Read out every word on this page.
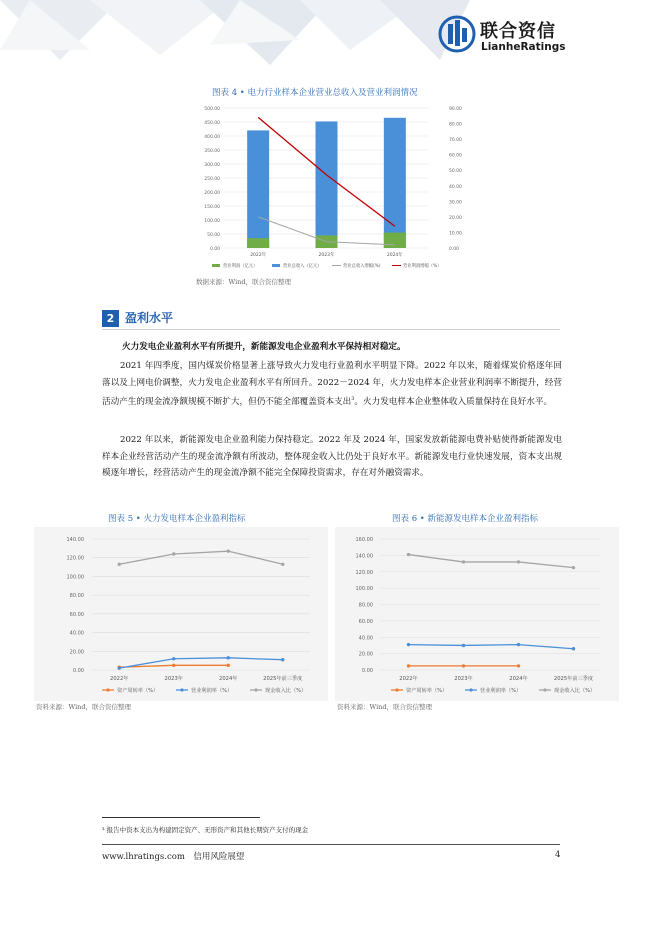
联合资信
LianheRatings
图表 4 • 电力行业样本企业营业总收入及营业利润情况
0.00
50.00
100.00
150.00
200.00
250.00
300.00
350.00
400.00
450.00
500.00
0.00
10.00
20.00
30.00
40.00
50.00
60.00
70.00
80.00
90.00
2022年	2023年	2024年
营业利润（亿元）	营业总收入（亿元）	营业总收入增幅(%)	营业利润增幅（%）
数据来源：Wind，联合资信整理
2 盈利水平
火力发电企业盈利水平有所提升，新能源发电企业盈利水平保持相对稳定。
2021 年四季度，国内煤炭价格显著上涨导致火力发电行业盈利水平明显下降。2022 年以来，随着煤炭价格逐年回落以及上网电价调整，火力发电企业盈利水平有所回升。2022－2024 年，火力发电样本企业营业利润率不断提升，经营活动产生的现金流净额规模不断扩大，但仍不能全部覆盖资本支出$^3$。火力发电样本企业整体收入质量保持在良好水平。
2022 年以来，新能源发电企业盈利能力保持稳定。2022 年及 2024 年，国家发放新能源电费补贴使得新能源发电样本企业经营活动产生的现金流净额有所波动，整体现金收入比仍处于良好水平。新能源发电行业快速发展，资本支出规模逐年增长，经营活动产生的现金流净额不能完全保障投资需求，存在对外融资需求。
图表 5 • 火力发电样本企业盈利指标	图表 6 • 新能源发电样本企业盈利指标
0.00
20.00
40.00
60.00
80.00
100.00
120.00
140.00
2022年	2023年	2024年	2025年前三季度
资产周转率（%）	营业利润率（%）	现金收入比（%）
0.00
20.00
40.00
60.00
80.00
100.00
120.00
140.00
160.00
2022年	2023年	2024年	2025年前三季度
资产周转率（%）	营业利润率（%）	现金收入比（%）
资料来源：Wind，联合资信整理	资料来源：Wind，联合资信整理
³ 报告中资本支出为构建固定资产、无形资产和其他长期资产支付的现金
www.lhratings.com　信用风险展望	4
